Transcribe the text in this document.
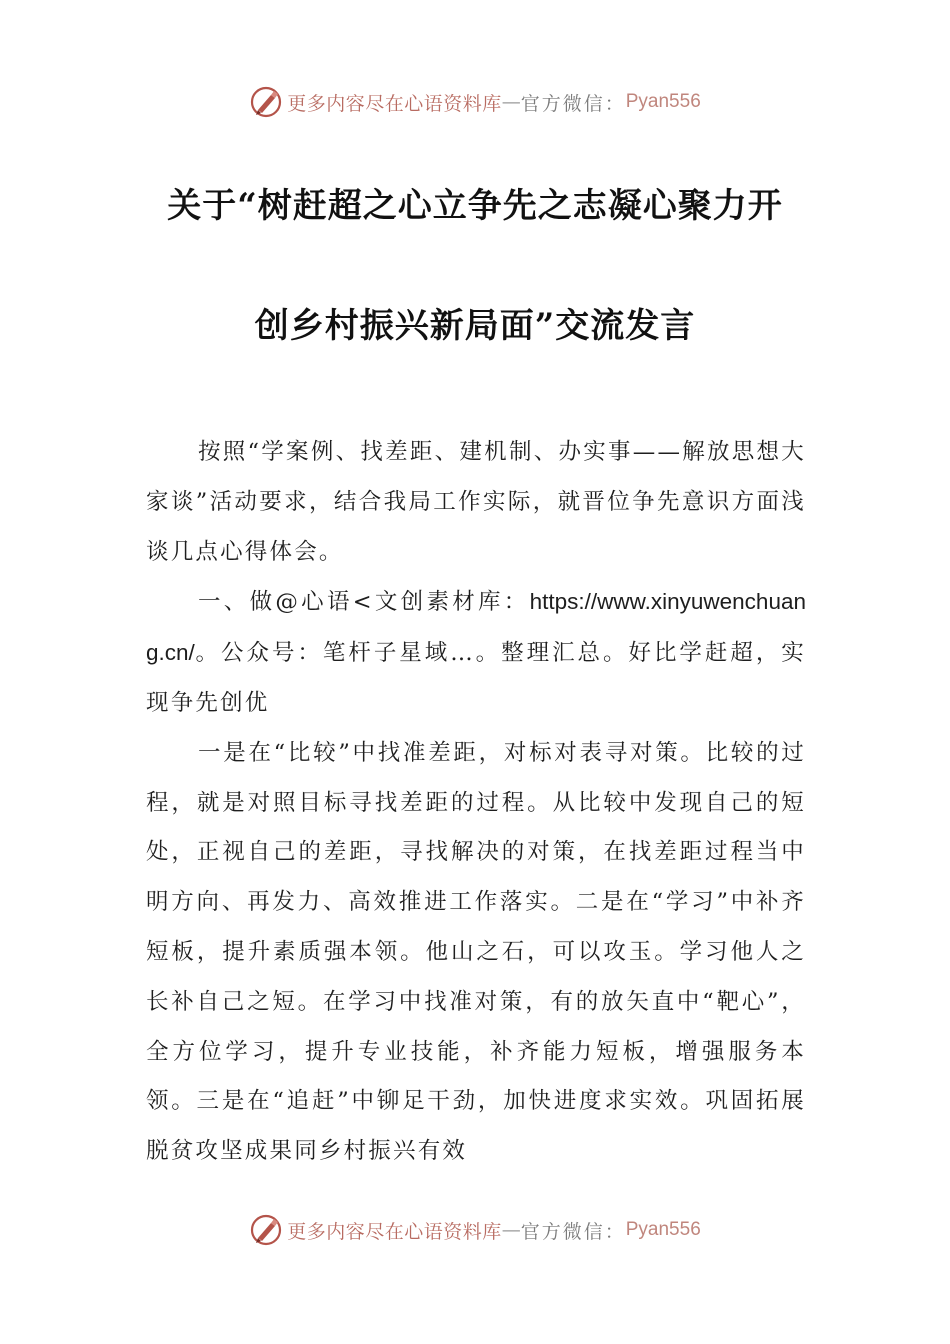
更多内容尽在心语资料库 — 官方微信： Pyan556
关于“树赶超之心立争先之志凝心聚力开
创乡村振兴新局面”交流发言

按照“学案例、找差距、建机制、办实事——解放思想大家谈”活动要求，结合我局工作实际，就晋位争先意识方面浅谈几点心得体会。

一、做@心语<文创素材库：https://www.xinyuwenchuang.cn/。公众号：笔杆子星域…。整理汇总。好比学赶超，实现争先创优

一是在“比较”中找准差距，对标对表寻对策。比较的过程，就是对照目标寻找差距的过程。从比较中发现自己的短处，正视自己的差距，寻找解决的对策，在找差距过程当中明方向、再发力、高效推进工作落实。二是在“学习”中补齐短板，提升素质强本领。他山之石，可以攻玉。学习他人之长补自己之短。在学习中找准对策，有的放矢直中“靶心”，全方位学习，提升专业技能，补齐能力短板，增强服务本领。三是在“追赶”中铆足干劲，加快进度求实效。巩固拓展脱贫攻坚成果同乡村振兴有效

更多内容尽在心语资料库 — 官方微信： Pyan556
